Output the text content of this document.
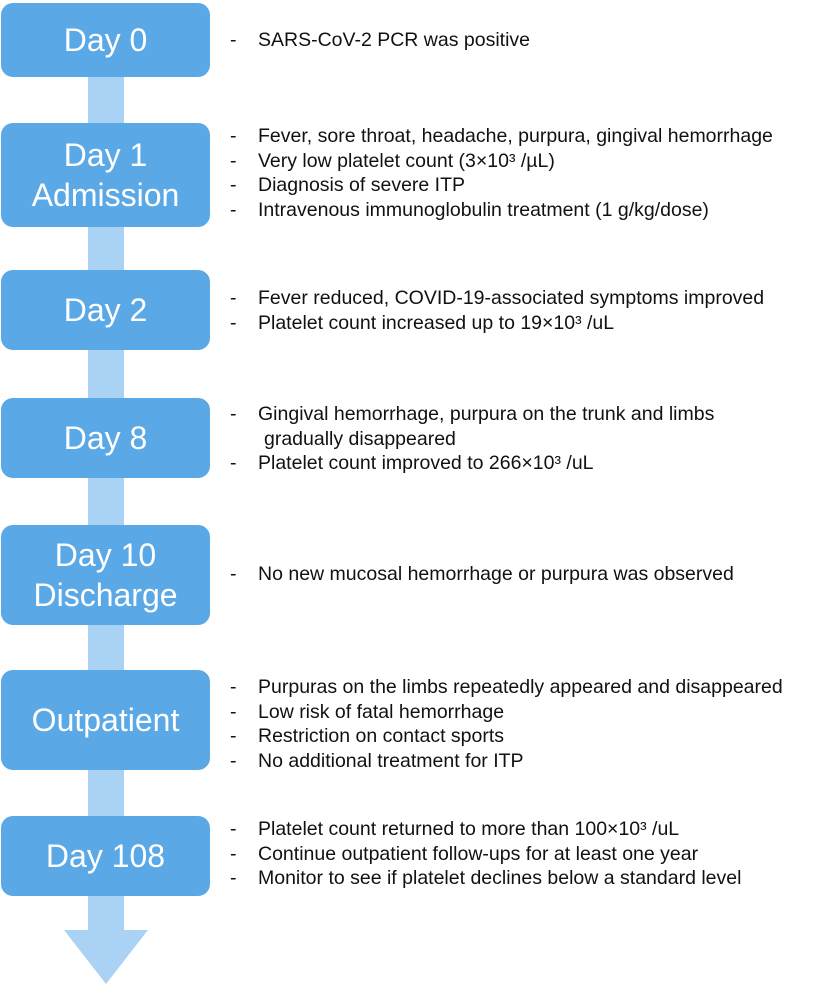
Day 0	- SARS-CoV-2 PCR was positive
Day 1
Admission
- Fever, sore throat, headache, purpura, gingival hemorrhage
- Very low platelet count (3×10³ /µL)
- Diagnosis of severe ITP
- Intravenous immunoglobulin treatment (1 g/kg/dose)
Day 2	- Fever reduced, COVID-19-associated symptoms improved
- Platelet count increased up to 19×10³ /uL
Day 8
- Gingival hemorrhage, purpura on the trunk and limbs
gradually disappeared
- Platelet count improved to 266×10³ /uL
Day 10
Discharge
- No new mucosal hemorrhage or purpura was observed
Outpatient
- Purpuras on the limbs repeatedly appeared and disappeared
- Low risk of fatal hemorrhage
- Restriction on contact sports
- No additional treatment for ITP
Day 108
- Platelet count returned to more than 100×10³ /uL
- Continue outpatient follow-ups for at least one year
- Monitor to see if platelet declines below a standard level
